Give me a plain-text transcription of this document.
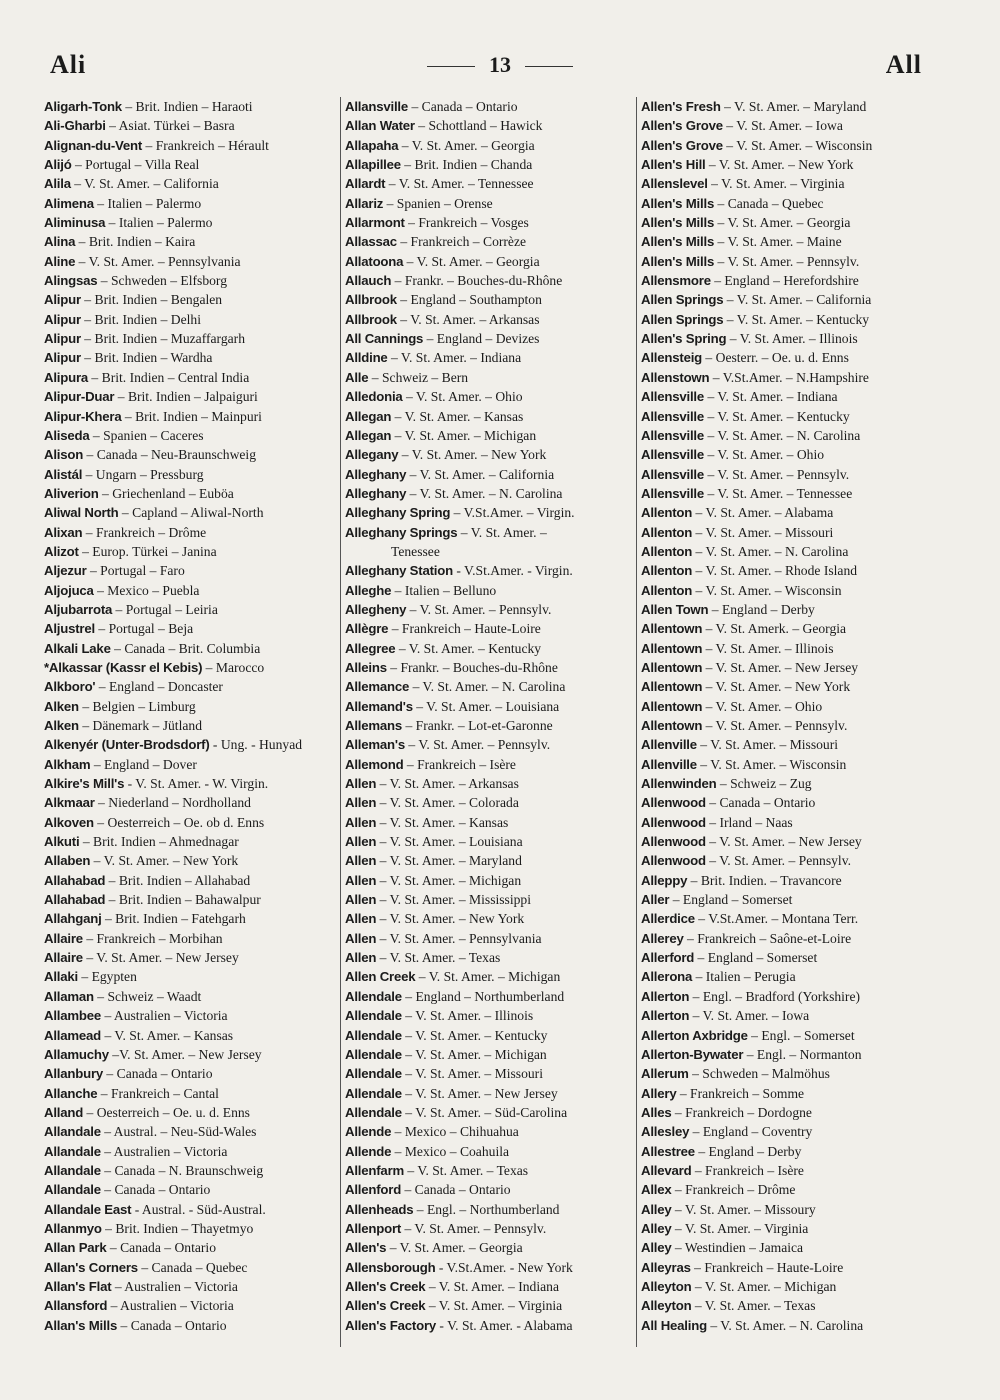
Ali	13	All
Aligarh-Tonk – Brit. Indien – Haraoti
Ali-Gharbi – Asiat. Türkei – Basra
Alignan-du-Vent – Frankreich – Hérault
Alijó – Portugal – Villa Real
Alila – V. St. Amer. – California
Alimena – Italien – Palermo
Aliminusa – Italien – Palermo
Alina – Brit. Indien – Kaira
Aline – V. St. Amer. – Pennsylvania
Alingsas – Schweden – Elfsborg
Alipur – Brit. Indien – Bengalen
Alipur – Brit. Indien – Delhi
Alipur – Brit. Indien – Muzaffargarh
Alipur – Brit. Indien – Wardha
Alipura – Brit. Indien – Central India
Alipur-Duar – Brit. Indien – Jalpaiguri
Alipur-Khera – Brit. Indien – Mainpuri
Aliseda – Spanien – Caceres
Alison – Canada – Neu-Braunschweig
Alistál – Ungarn – Pressburg
Aliverion – Griechenland – Euböa
Aliwal North – Capland – Aliwal-North
Alixan – Frankreich – Drôme
Alizot – Europ. Türkei – Janina
Aljezur – Portugal – Faro
Aljojuca – Mexico – Puebla
Aljubarrota – Portugal – Leiria
Aljustrel – Portugal – Beja
Alkali Lake – Canada – Brit. Columbia
*Alkassar (Kassr el Kebis) – Marocco
Alkboro' – England – Doncaster
Alken – Belgien – Limburg
Alken – Dänemark – Jütland
Alkenyér (Unter-Brodsdorf) - Ung. - Hunyad
Alkham – England – Dover
Alkire's Mill's - V. St. Amer. - W. Virgin.
Alkmaar – Niederland – Nordholland
Alkoven – Oesterreich – Oe. ob d. Enns
Alkuti – Brit. Indien – Ahmednagar
Allaben – V. St. Amer. – New York
Allahabad – Brit. Indien – Allahabad
Allahabad – Brit. Indien – Bahawalpur
Allahganj – Brit. Indien – Fatehgarh
Allaire – Frankreich – Morbihan
Allaire – V. St. Amer. – New Jersey
Allaki – Egypten
Allaman – Schweiz – Waadt
Allambee – Australien – Victoria
Allamead – V. St. Amer. – Kansas
Allamuchy –V. St. Amer. – New Jersey
Allanbury – Canada – Ontario
Allanche – Frankreich – Cantal
Alland – Oesterreich – Oe. u. d. Enns
Allandale – Austral. – Neu-Süd-Wales
Allandale – Australien – Victoria
Allandale – Canada – N. Braunschweig
Allandale – Canada – Ontario
Allandale East - Austral. - Süd-Austral.
Allanmyo – Brit. Indien – Thayetmyo
Allan Park – Canada – Ontario
Allan's Corners – Canada – Quebec
Allan's Flat – Australien – Victoria
Allansford – Australien – Victoria
Allan's Mills – Canada – Ontario
Allansville – Canada – Ontario
Allan Water – Schottland – Hawick
Allapaha – V. St. Amer. – Georgia
Allapillee – Brit. Indien – Chanda
Allardt – V. St. Amer. – Tennessee
Allariz – Spanien – Orense
Allarmont – Frankreich – Vosges
Allassac – Frankreich – Corrèze
Allatoona – V. St. Amer. – Georgia
Allauch – Frankr. – Bouches-du-Rhône
Allbrook – England – Southampton
Allbrook – V. St. Amer. – Arkansas
All Cannings – England – Devizes
Alldine – V. St. Amer. – Indiana
Alle – Schweiz – Bern
Alledonia – V. St. Amer. – Ohio
Allegan – V. St. Amer. – Kansas
Allegan – V. St. Amer. – Michigan
Allegany – V. St. Amer. – New York
Alleghany – V. St. Amer. – California
Alleghany – V. St. Amer. – N. Carolina
Alleghany Spring – V.St.Amer. – Virgin.
Alleghany Springs – V. St. Amer. –
Tenessee
Alleghany Station - V.St.Amer. - Virgin.
Alleghe – Italien – Belluno
Allegheny – V. St. Amer. – Pennsylv.
Allègre – Frankreich – Haute-Loire
Allegree – V. St. Amer. – Kentucky
Alleins – Frankr. – Bouches-du-Rhône
Allemance – V. St. Amer. – N. Carolina
Allemand's – V. St. Amer. – Louisiana
Allemans – Frankr. – Lot-et-Garonne
Alleman's – V. St. Amer. – Pennsylv.
Allemond – Frankreich – Isère
Allen – V. St. Amer. – Arkansas
Allen – V. St. Amer. – Colorada
Allen – V. St. Amer. – Kansas
Allen – V. St. Amer. – Louisiana
Allen – V. St. Amer. – Maryland
Allen – V. St. Amer. – Michigan
Allen – V. St. Amer. – Mississippi
Allen – V. St. Amer. – New York
Allen – V. St. Amer. – Pennsylvania
Allen – V. St. Amer. – Texas
Allen Creek – V. St. Amer. – Michigan
Allendale – England – Northumberland
Allendale – V. St. Amer. – Illinois
Allendale – V. St. Amer. – Kentucky
Allendale – V. St. Amer. – Michigan
Allendale – V. St. Amer. – Missouri
Allendale – V. St. Amer. – New Jersey
Allendale – V. St. Amer. – Süd-Carolina
Allende – Mexico – Chihuahua
Allende – Mexico – Coahuila
Allenfarm – V. St. Amer. – Texas
Allenford – Canada – Ontario
Allenheads – Engl. – Northumberland
Allenport – V. St. Amer. – Pennsylv.
Allen's – V. St. Amer. – Georgia
Allensborough - V.St.Amer. - New York
Allen's Creek – V. St. Amer. – Indiana
Allen's Creek – V. St. Amer. – Virginia
Allen's Factory - V. St. Amer. - Alabama
Allen's Fresh – V. St. Amer. – Maryland
Allen's Grove – V. St. Amer. – Iowa
Allen's Grove – V. St. Amer. – Wisconsin
Allen's Hill – V. St. Amer. – New York
Allenslevel – V. St. Amer. – Virginia
Allen's Mills – Canada – Quebec
Allen's Mills – V. St. Amer. – Georgia
Allen's Mills – V. St. Amer. – Maine
Allen's Mills – V. St. Amer. – Pennsylv.
Allensmore – England – Herefordshire
Allen Springs – V. St. Amer. – California
Allen Springs – V. St. Amer. – Kentucky
Allen's Spring – V. St. Amer. – Illinois
Allensteig – Oesterr. – Oe. u. d. Enns
Allenstown – V.St.Amer. – N.Hampshire
Allensville – V. St. Amer. – Indiana
Allensville – V. St. Amer. – Kentucky
Allensville – V. St. Amer. – N. Carolina
Allensville – V. St. Amer. – Ohio
Allensville – V. St. Amer. – Pennsylv.
Allensville – V. St. Amer. – Tennessee
Allenton – V. St. Amer. – Alabama
Allenton – V. St. Amer. – Missouri
Allenton – V. St. Amer. – N. Carolina
Allenton – V. St. Amer. – Rhode Island
Allenton – V. St. Amer. – Wisconsin
Allen Town – England – Derby
Allentown – V. St. Amerk. – Georgia
Allentown – V. St. Amer. – Illinois
Allentown – V. St. Amer. – New Jersey
Allentown – V. St. Amer. – New York
Allentown – V. St. Amer. – Ohio
Allentown – V. St. Amer. – Pennsylv.
Allenville – V. St. Amer. – Missouri
Allenville – V. St. Amer. – Wisconsin
Allenwinden – Schweiz – Zug
Allenwood – Canada – Ontario
Allenwood – Irland – Naas
Allenwood – V. St. Amer. – New Jersey
Allenwood – V. St. Amer. – Pennsylv.
Alleppy – Brit. Indien. – Travancore
Aller – England – Somerset
Allerdice – V.St.Amer. – Montana Terr.
Allerey – Frankreich – Saône-et-Loire
Allerford – England – Somerset
Allerona – Italien – Perugia
Allerton – Engl. – Bradford (Yorkshire)
Allerton – V. St. Amer. – Iowa
Allerton Axbridge – Engl. – Somerset
Allerton-Bywater – Engl. – Normanton
Allerum – Schweden – Malmöhus
Allery – Frankreich – Somme
Alles – Frankreich – Dordogne
Allesley – England – Coventry
Allestree – England – Derby
Allevard – Frankreich – Isère
Allex – Frankreich – Drôme
Alley – V. St. Amer. – Missoury
Alley – V. St. Amer. – Virginia
Alley – Westindien – Jamaica
Alleyras – Frankreich – Haute-Loire
Alleyton – V. St. Amer. – Michigan
Alleyton – V. St. Amer. – Texas
All Healing – V. St. Amer. – N. Carolina
